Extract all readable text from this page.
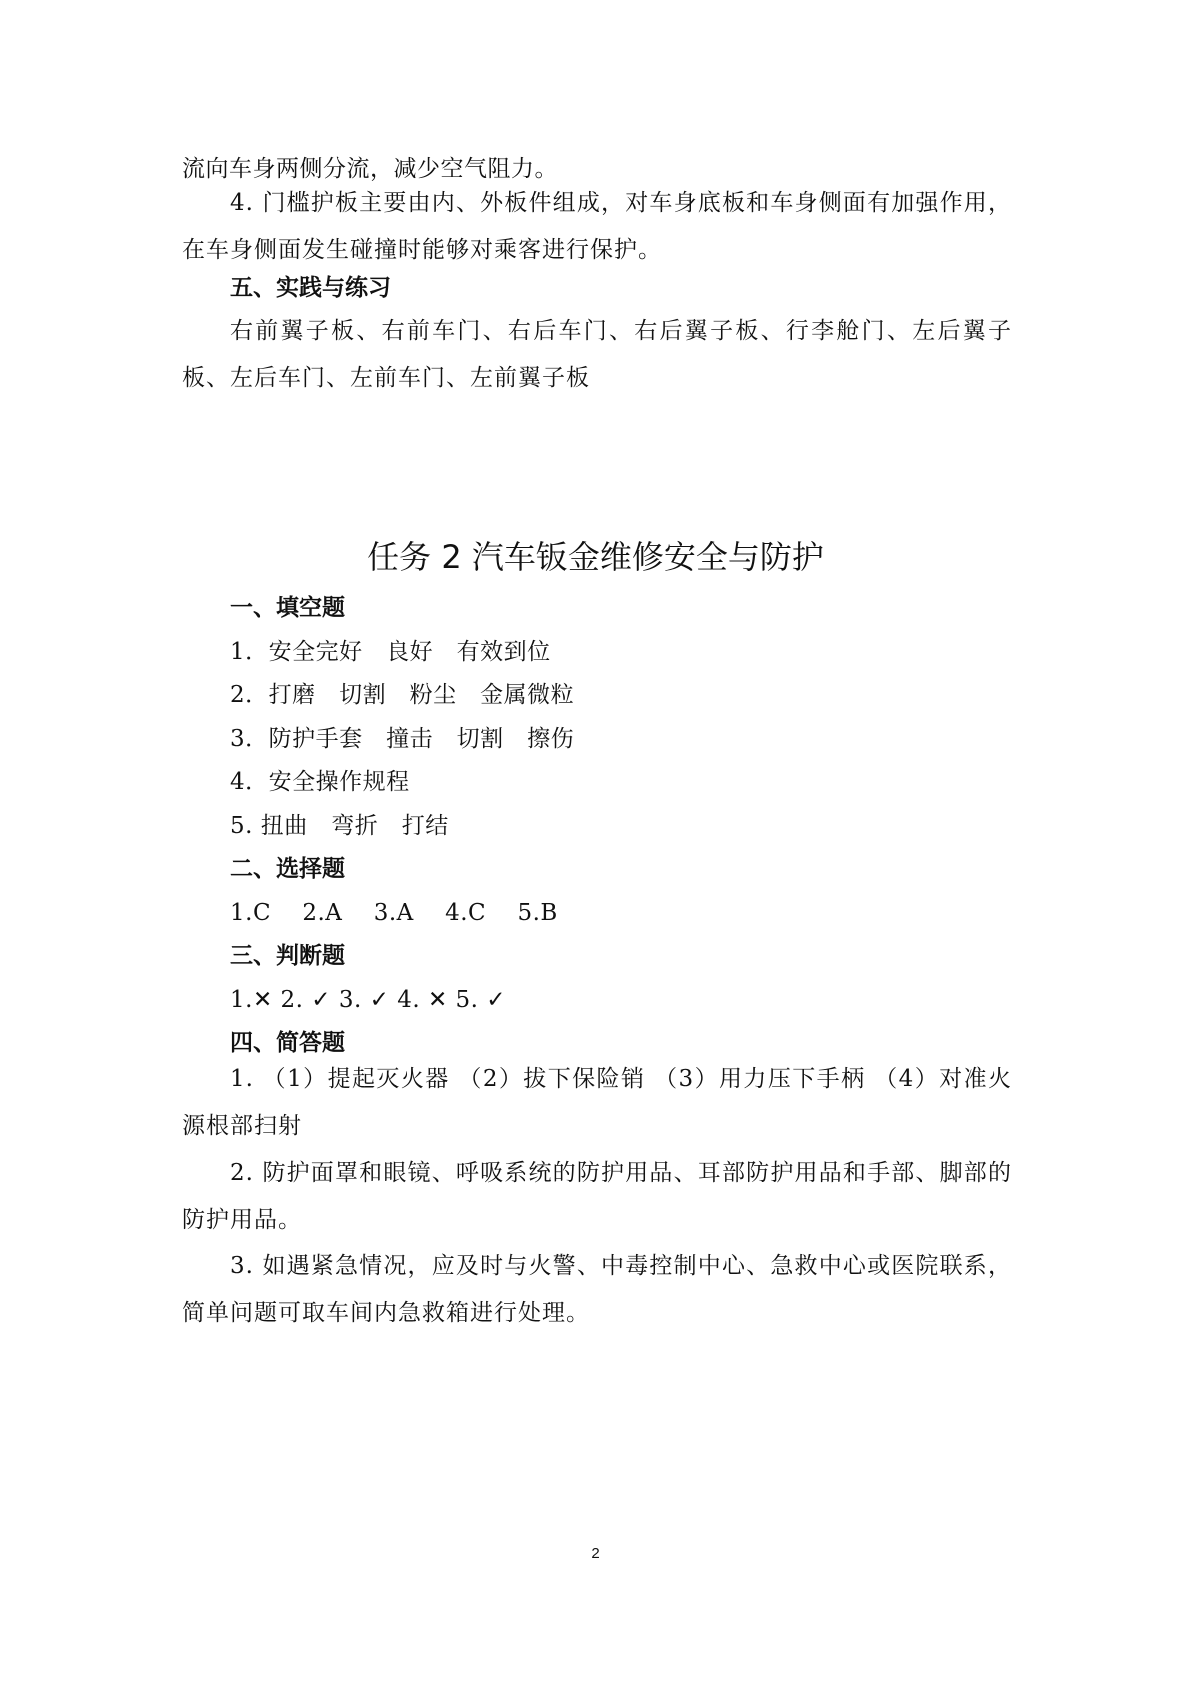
流向车身两侧分流，减少空气阻力。
4. 门槛护板主要由内、外板件组成，对车身底板和车身侧面有加强作用，在车身侧面发生碰撞时能够对乘客进行保护。
五、实践与练习
右前翼子板、右前车门、右后车门、右后翼子板、行李舱门、左后翼子板、左后车门、左前车门、左前翼子板
任务 2 汽车钣金维修安全与防护
一、填空题
1．安全完好　良好　有效到位
2．打磨　切割　粉尘　金属微粒
3．防护手套　撞击　切割　擦伤
4．安全操作规程
5. 扭曲　弯折　打结
二、选择题
1.C　 2.A　 3.A　 4.C　 5.B
三、判断题
1.✕ 2. ✓ 3. ✓ 4. ✕ 5. ✓
四、简答题
1. （1）提起灭火器 （2）拔下保险销 （3）用力压下手柄 （4）对准火源根部扫射
2. 防护面罩和眼镜、呼吸系统的防护用品、耳部防护用品和手部、脚部的防护用品。
3. 如遇紧急情况，应及时与火警、中毒控制中心、急救中心或医院联系，简单问题可取车间内急救箱进行处理。
2
